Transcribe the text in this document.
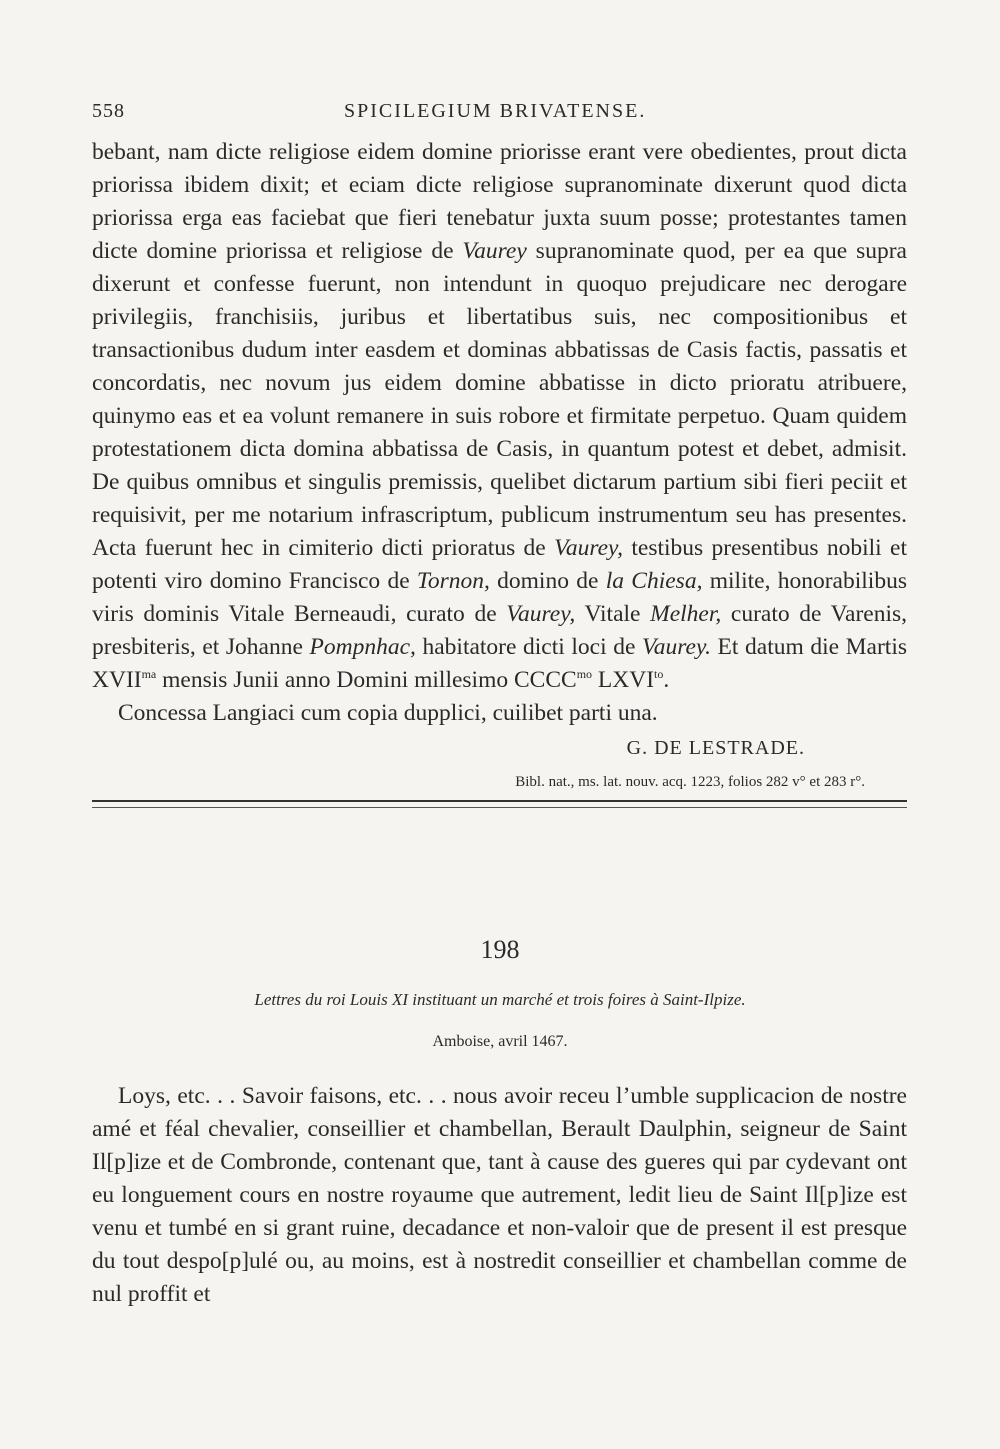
558	SPICILEGIUM BRIVATENSE.

bebant, nam dicte religiose eidem domine priorisse erant vere obedientes, prout dicta priorissa ibidem dixit; et eciam dicte religiose supranominate dixerunt quod dicta priorissa erga eas faciebat que fieri tenebatur juxta suum posse; protestantes tamen dicte domine priorissa et religiose de Vaurey supranominate quod, per ea que supra dixerunt et confesse fuerunt, non intendunt in quoquo prejudicare nec derogare privilegiis, franchisiis, juribus et libertatibus suis, nec compositionibus et transactionibus dudum inter easdem et dominas abbatissas de Casis factis, passatis et concordatis, nec novum jus eidem domine abbatisse in dicto prioratu atribuere, quinymo eas et ea volunt remanere in suis robore et firmitate perpetuo. Quam quidem protestationem dicta domina abbatissa de Casis, in quantum potest et debet, admisit. De quibus omnibus et singulis premissis, quelibet dictarum partium sibi fieri peciit et requisivit, per me notarium infrascriptum, publicum instrumentum seu has presentes. Acta fuerunt hec in cimiterio dicti prioratus de Vaurey, testibus presentibus nobili et potenti viro domino Francisco de Tornon, domino de la Chiesa, milite, honorabilibus viris dominis Vitale Berneaudi, curato de Vaurey, Vitale Melher, curato de Varenis, presbiteris, et Johanne Pompnhac, habitatore dicti loci de Vaurey. Et datum die Martis $XVII^{ma}$ mensis Junii anno Domini millesimo $CCCC^{mo}$ $LXVI^{to}$.

Concessa Langiaci cum copia dupplici, cuilibet parti una.

G. DE LESTRADE.
Bibl. nat., ms. lat. nouv. acq. 1223, folios 282 v° et 283 r°.
198
Lettres du roi Louis XI instituant un marché et trois foires à Saint-Ilpize.
Amboise, avril 1467.

Loys, etc. . . Savoir faisons, etc. . . nous avoir receu l’umble supplicacion de nostre amé et féal chevalier, conseillier et chambellan, Berault Daulphin, seigneur de Saint Il[p]ize et de Combronde, contenant que, tant à cause des gueres qui par cydevant ont eu longuement cours en nostre royaume que autrement, ledit lieu de Saint Il[p]ize est venu et tumbé en si grant ruine, decadance et non-valoir que de present il est presque du tout despo[p]ulé ou, au moins, est à nostredit conseillier et chambellan comme de nul proffit et
